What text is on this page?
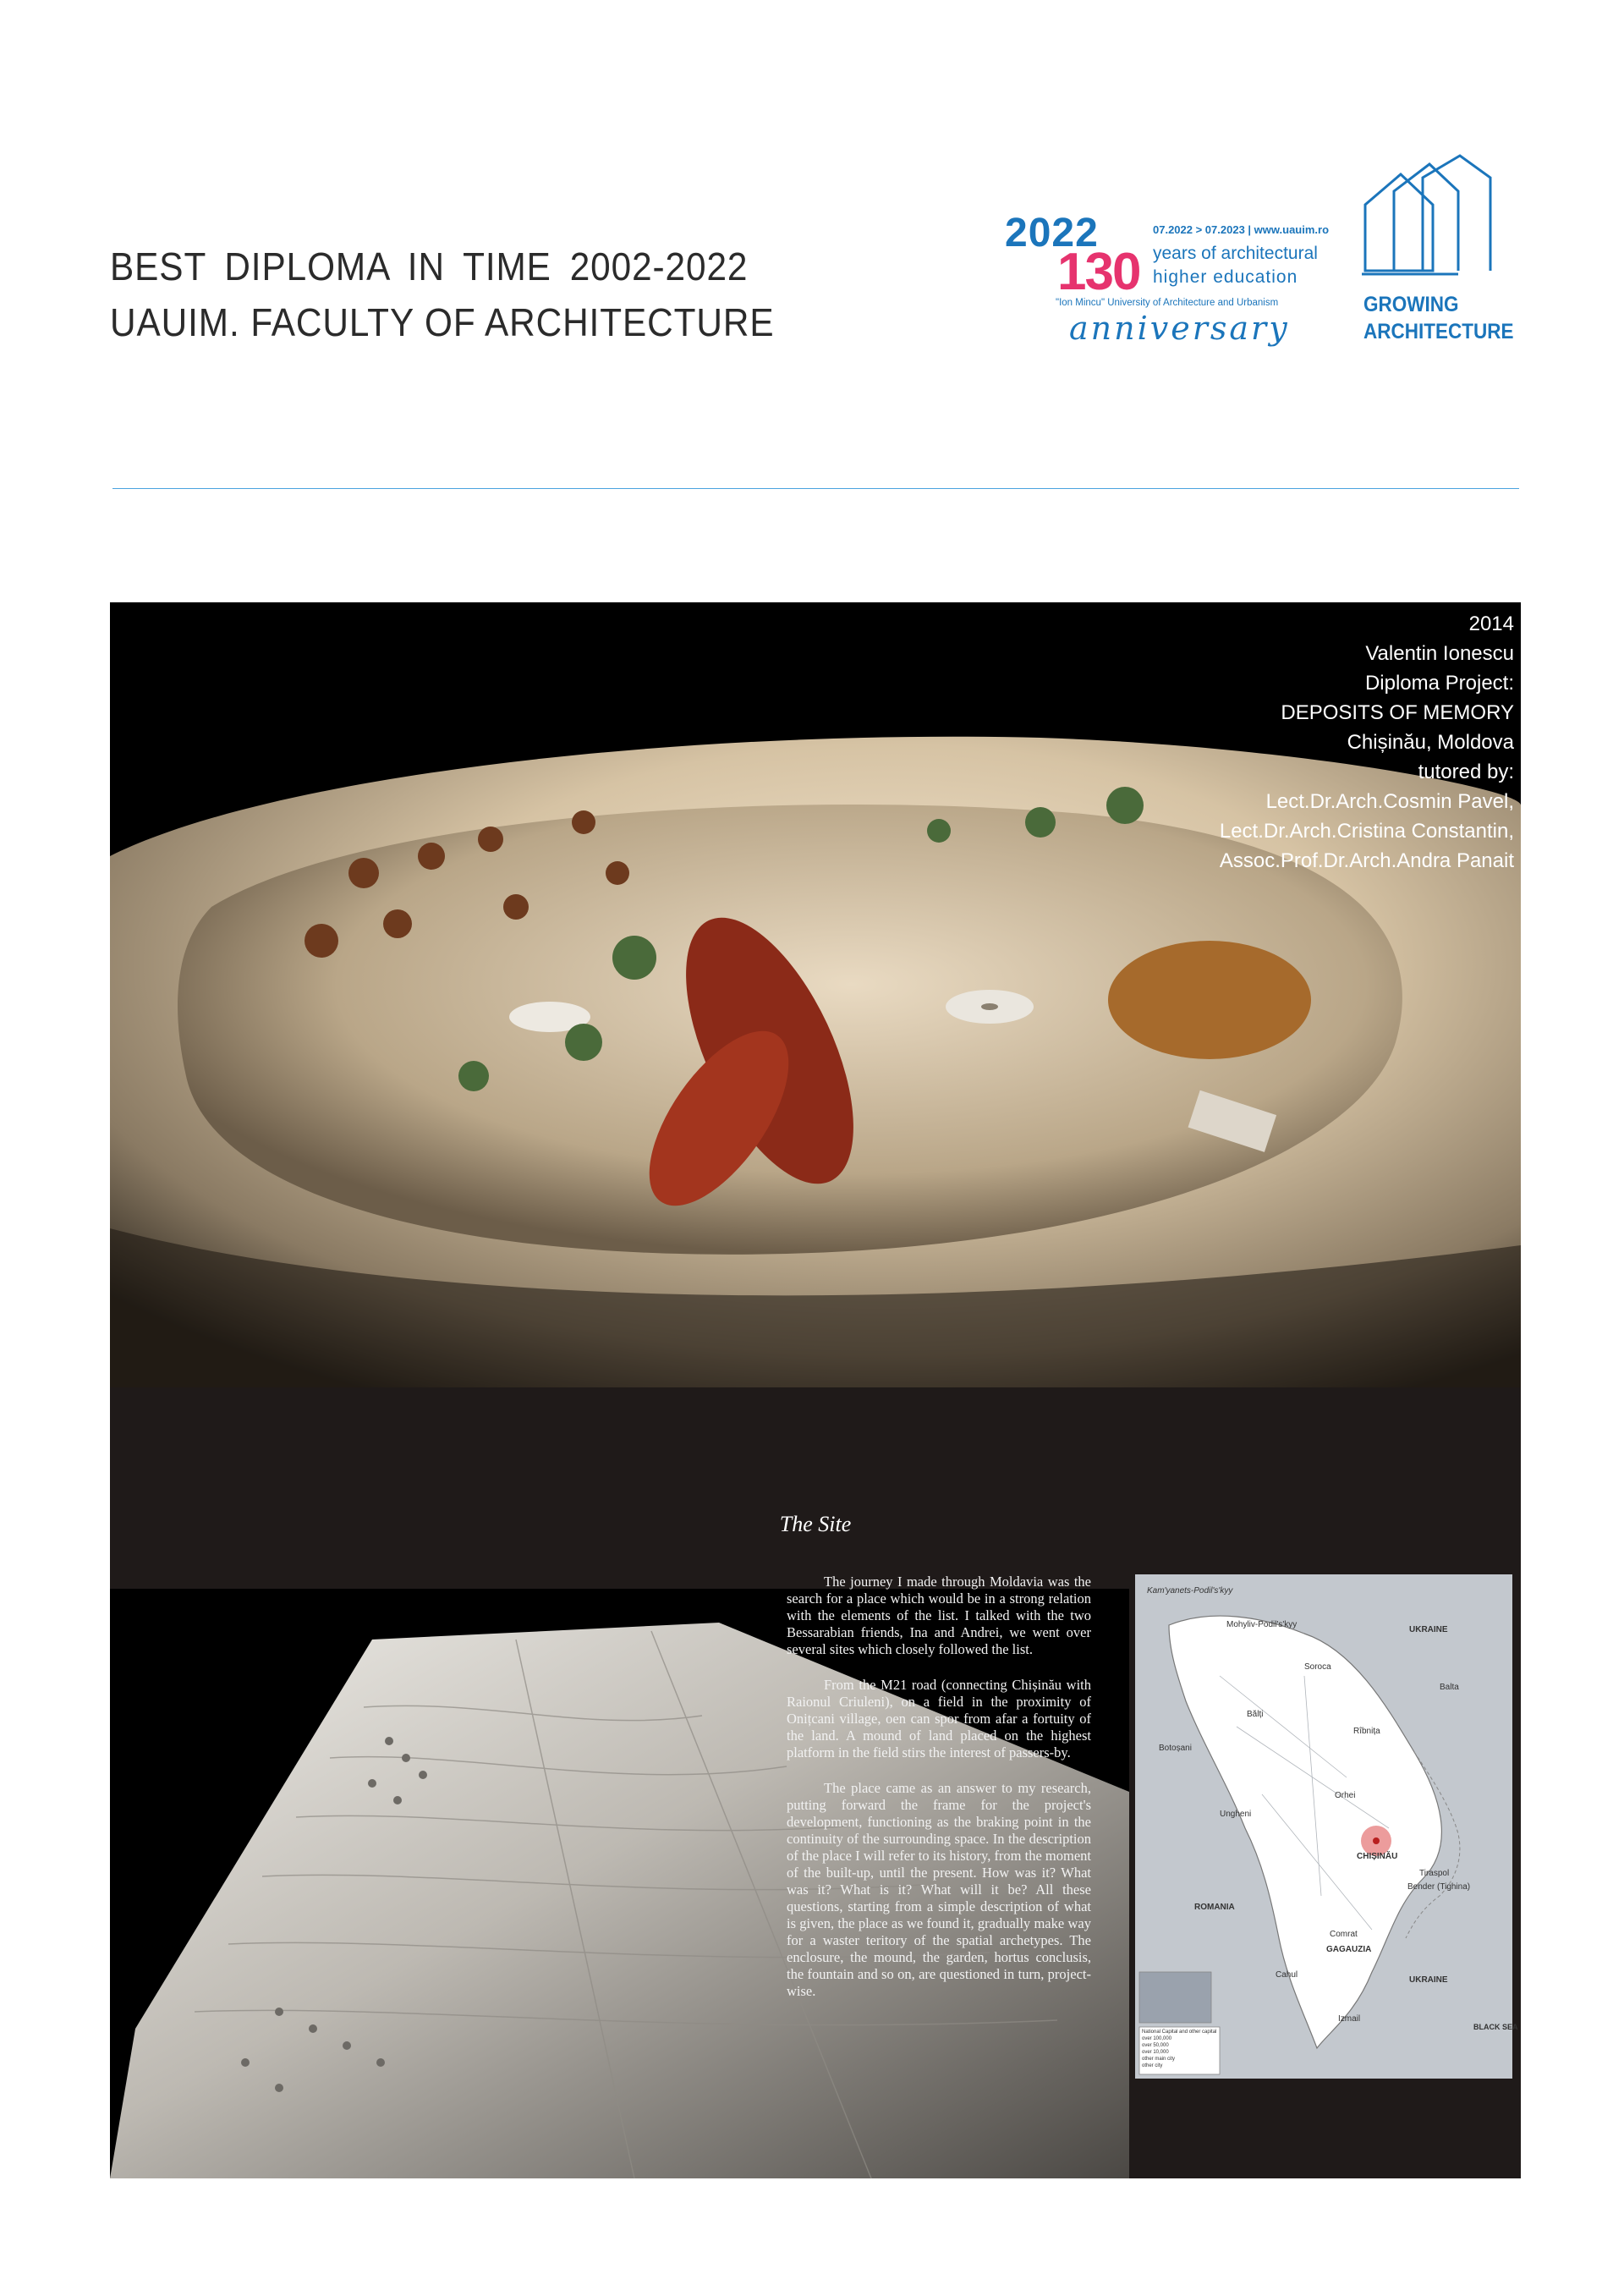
BEST DIPLOMA IN TIME 2002-2022
UAUIM. FACULTY OF ARCHITECTURE
2022
130
07.2022 > 07.2023 | www.uauim.ro
years of architectural
higher education
"Ion Mincu" University of Architecture and Urbanism
anniversary
GROWING
ARCHITECTURE
2014
Valentin Ionescu
Diploma Project:
DEPOSITS OF MEMORY
Chișinău, Moldova
tutored by:
Lect.Dr.Arch.Cosmin Pavel,
Lect.Dr.Arch.Cristina Constantin,
Assoc.Prof.Dr.Arch.Andra Panait
The Site

The journey I made through Moldavia was the search for a place which would be in a strong relation with the elements of the list. I talked with the two Bessarabian friends, Ina and Andrei, we went over several sites which closely followed the list.

From the M21 road (connecting Chișinău with Raionul Criuleni), on a field in the proximity of Onițcani village, oen can spor from afar a fortuity of the land. A mound of land placed on the highest platform in the field stirs the interest of passers-by.

The place came as an answer to my research, putting forward the frame for the project's development, functioning as the braking point in the continuity of the surrounding space. In the description of the place I will refer to its history, from the moment of the built-up, until the present. How was it? What was it? What is it? What will it be? All these questions, starting from a simple description of what is given, the place as we found it, gradually make way for a waster teritory of the spatial archetypes. The enclosure, the mound, the garden, hortus conclusis, the fountain and so on, are questioned in turn, project-wise.

Kam'yanets-Podil's'kyy
Mohyliv-Podil's'kyy
UKRAINE
Soroca
Balta
Bălți
Rîbnița
Botoșani
Orhei
Ungheni
CHIȘINĂU
Tiraspol
Bender (Tighina)
ROMANIA
Comrat
GAGAUZIA
Cahul
UKRAINE
Izmail
BLACK SEA
National Capital and other capital
over 100,000
over 50,000
over 10,000
other main city
other city
